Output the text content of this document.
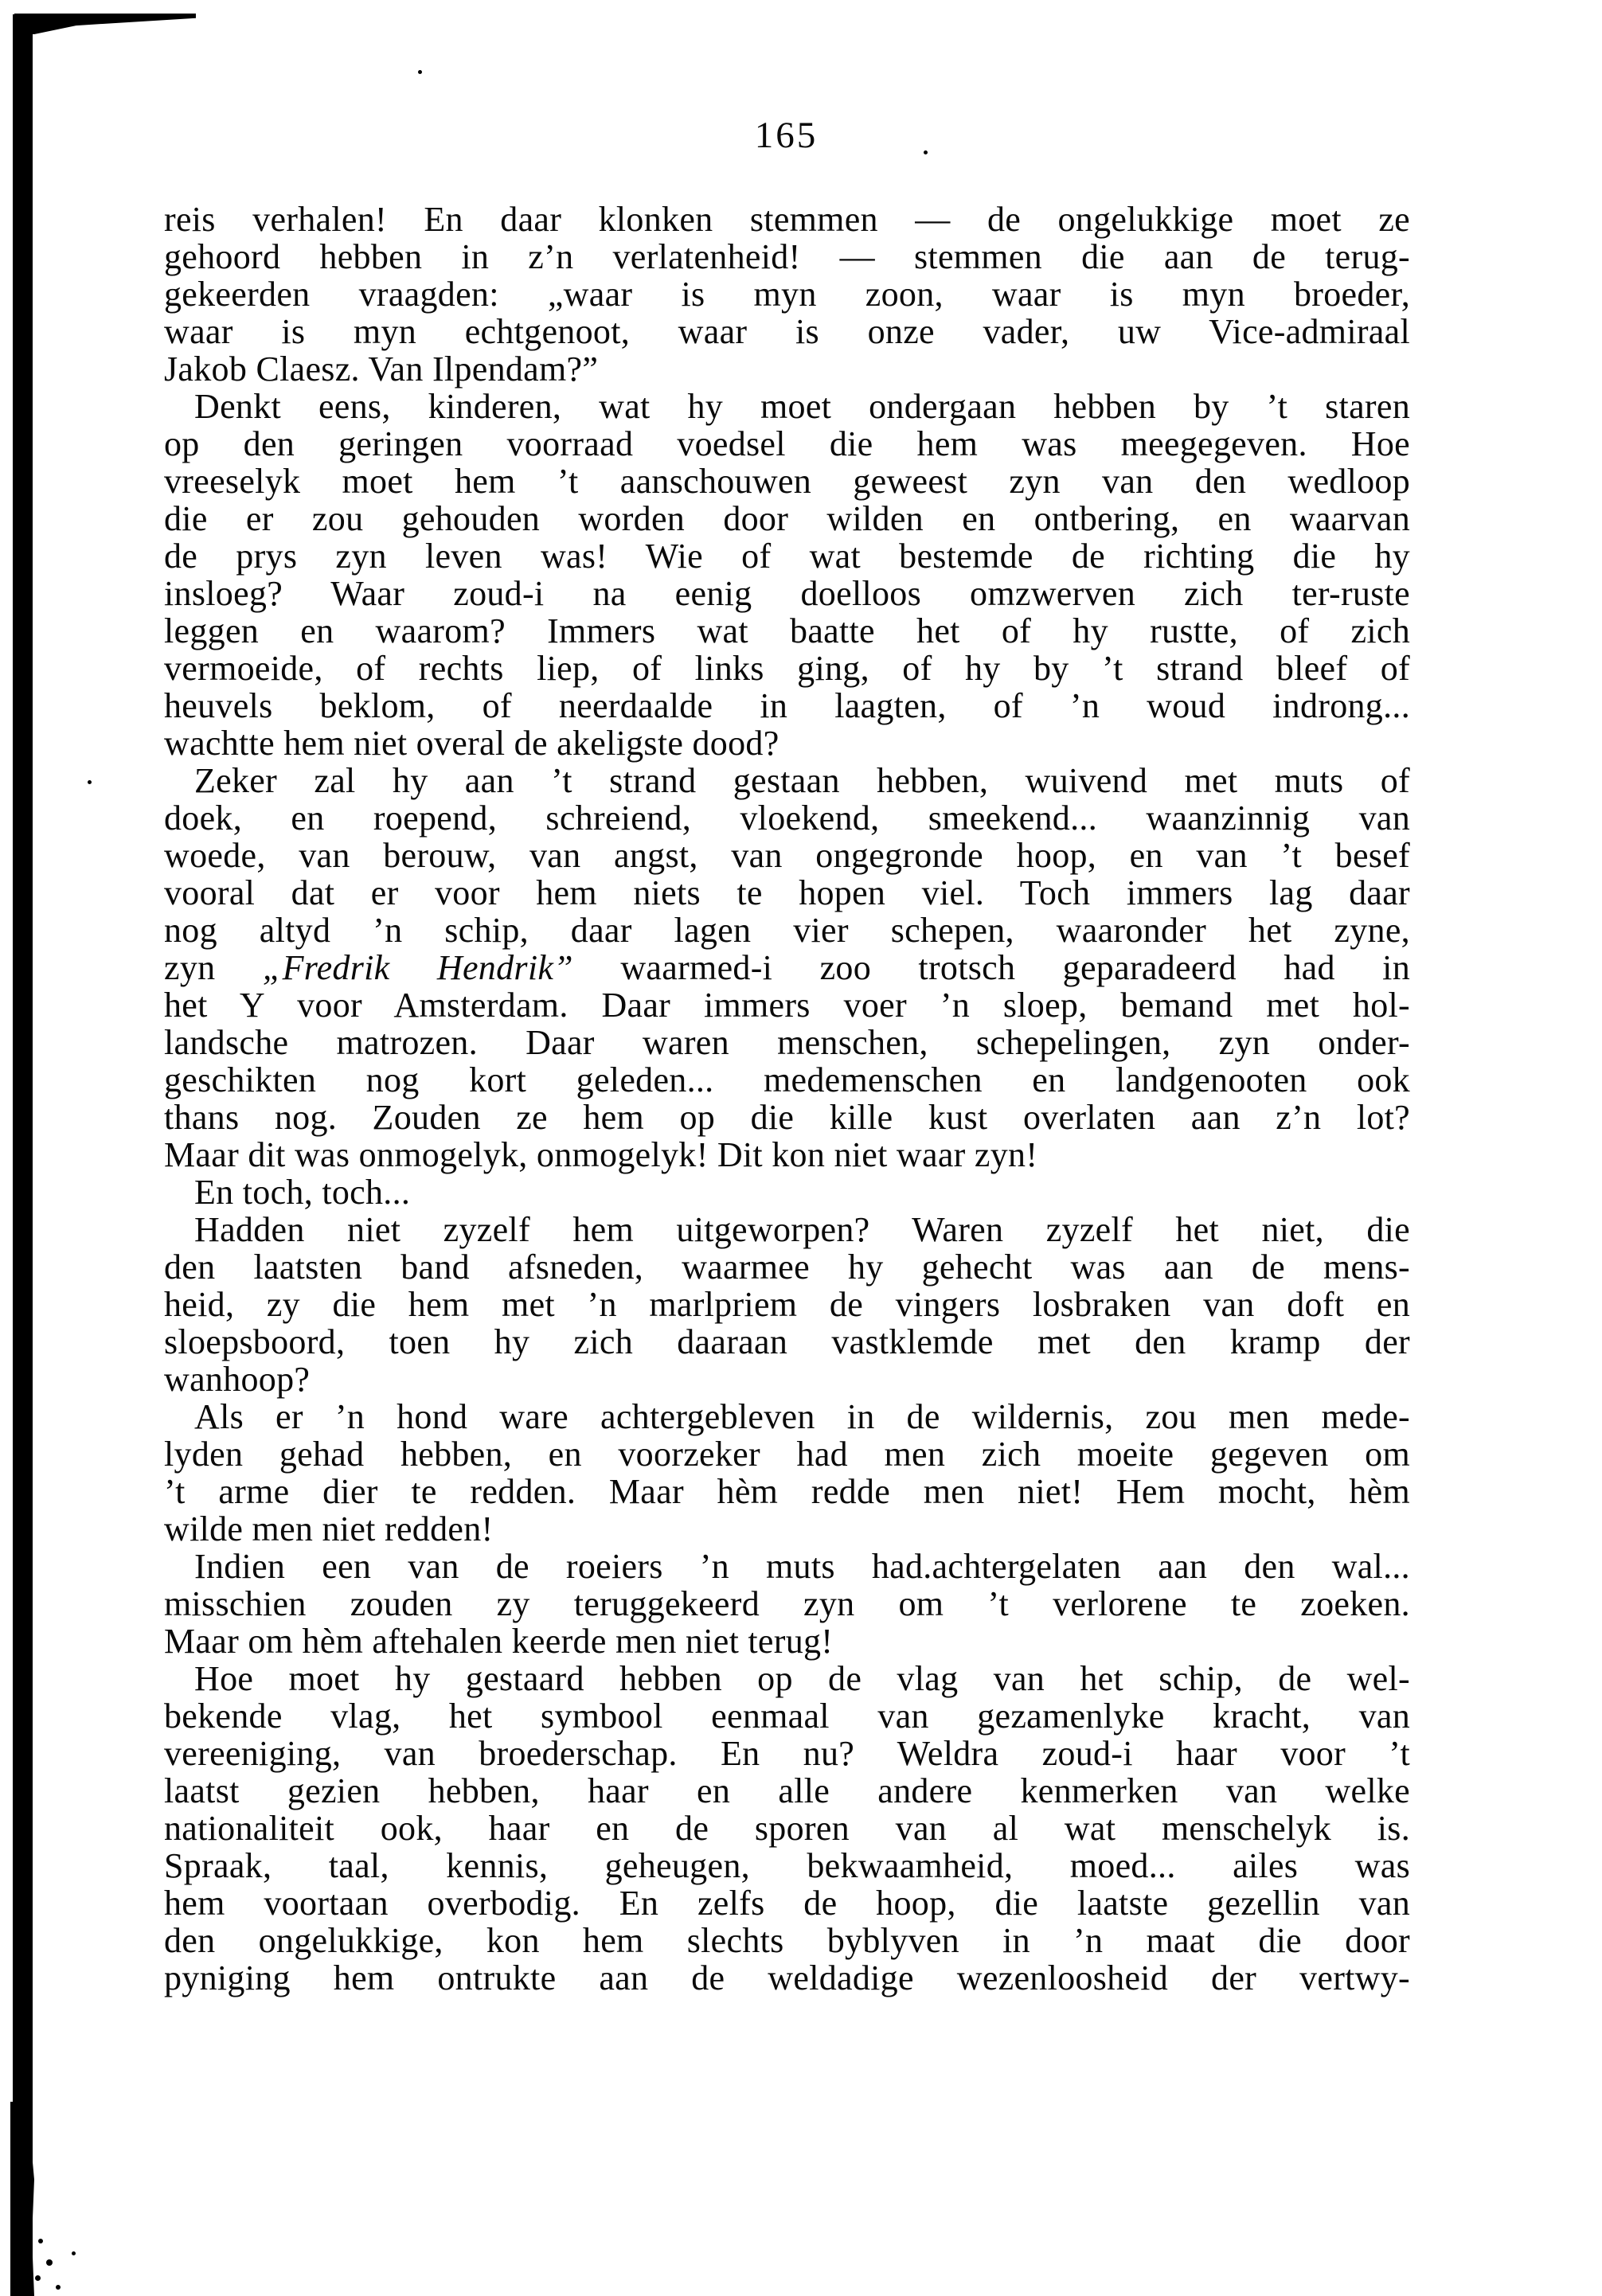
165
reis verhalen! En daar klonken stemmen — de ongelukkige moet ze
gehoord hebben in z’n verlatenheid! — stemmen die aan de terug-
gekeerden vraagden: „waar is myn zoon, waar is myn broeder,
waar is myn echtgenoot, waar is onze vader, uw Vice-admiraal
Jakob Claesz. Van Ilpendam?”
Denkt eens, kinderen, wat hy moet ondergaan hebben by ’t staren
op den geringen voorraad voedsel die hem was meegegeven. Hoe
vreeselyk moet hem ’t aanschouwen geweest zyn van den wedloop
die er zou gehouden worden door wilden en ontbering, en waarvan
de prys zyn leven was! Wie of wat bestemde de richting die hy
insloeg? Waar zoud-i na eenig doelloos omzwerven zich ter-ruste
leggen en waarom? Immers wat baatte het of hy rustte, of zich
vermoeide, of rechts liep, of links ging, of hy by ’t strand bleef of
heuvels beklom, of neerdaalde in laagten, of ’n woud indrong...
wachtte hem niet overal de akeligste dood?
Zeker zal hy aan ’t strand gestaan hebben, wuivend met muts of
doek, en roepend, schreiend, vloekend, smeekend... waanzinnig van
woede, van berouw, van angst, van ongegronde hoop, en van ’t besef
vooral dat er voor hem niets te hopen viel. Toch immers lag daar
nog altyd ’n schip, daar lagen vier schepen, waaronder het zyne,
zyn „Fredrik Hendrik” waarmed-i zoo trotsch geparadeerd had in
het Y voor Amsterdam. Daar immers voer ’n sloep, bemand met hol-
landsche matrozen. Daar waren menschen, schepelingen, zyn onder-
geschikten nog kort geleden... medemenschen en landgenooten ook
thans nog. Zouden ze hem op die kille kust overlaten aan z’n lot?
Maar dit was onmogelyk, onmogelyk! Dit kon niet waar zyn!
En toch, toch...
Hadden niet zyzelf hem uitgeworpen? Waren zyzelf het niet, die
den laatsten band afsneden, waarmee hy gehecht was aan de mens-
heid, zy die hem met ’n marlpriem de vingers losbraken van doft en
sloepsboord, toen hy zich daaraan vastklemde met den kramp der
wanhoop?
Als er ’n hond ware achtergebleven in de wildernis, zou men mede-
lyden gehad hebben, en voorzeker had men zich moeite gegeven om
’t arme dier te redden. Maar hèm redde men niet! Hem mocht, hèm
wilde men niet redden!
Indien een van de roeiers ’n muts had.achtergelaten aan den wal...
misschien zouden zy teruggekeerd zyn om ’t verlorene te zoeken.
Maar om hèm aftehalen keerde men niet terug!
Hoe moet hy gestaard hebben op de vlag van het schip, de wel-
bekende vlag, het symbool eenmaal van gezamenlyke kracht, van
vereeniging, van broederschap. En nu? Weldra zoud-i haar voor ’t
laatst gezien hebben, haar en alle andere kenmerken van welke
nationaliteit ook, haar en de sporen van al wat menschelyk is.
Spraak, taal, kennis, geheugen, bekwaamheid, moed... ailes was
hem voortaan overbodig. En zelfs de hoop, die laatste gezellin van
den ongelukkige, kon hem slechts byblyven in ’n maat die door
pyniging hem ontrukte aan de weldadige wezenloosheid der vertwy-
